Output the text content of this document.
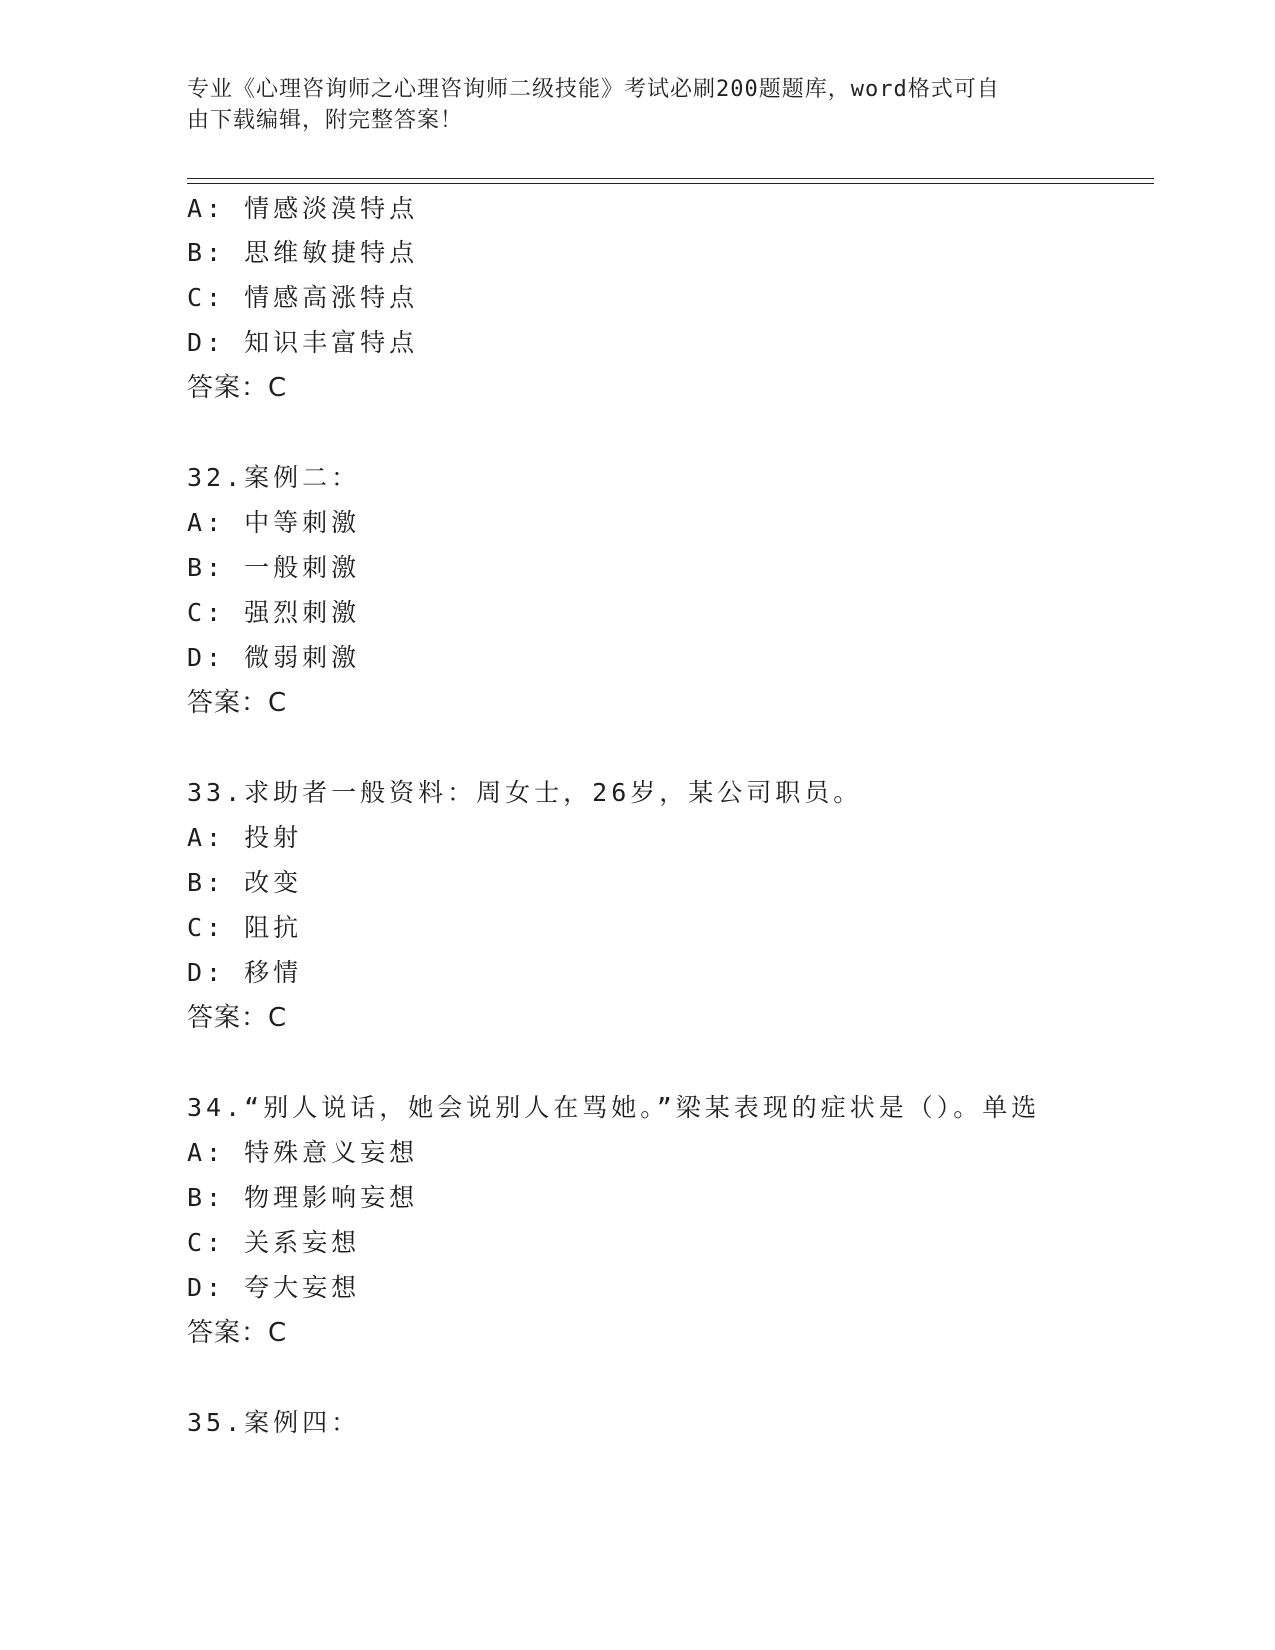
专业《心理咨询师之心理咨询师二级技能》考试必刷200题题库，word格式可自
由下载编辑，附完整答案！
A: 情感淡漠特点
B: 思维敏捷特点
C: 情感高涨特点
D: 知识丰富特点
答案：C
32.案例二：
A: 中等刺激
B: 一般刺激
C: 强烈刺激
D: 微弱刺激
答案：C
33.求助者一般资料：周女士，26岁，某公司职员。
A: 投射
B: 改变
C: 阻抗
D: 移情
答案：C
34.“别人说话，她会说别人在骂她。”梁某表现的症状是（）。单选
A: 特殊意义妄想
B: 物理影响妄想
C: 关系妄想
D: 夸大妄想
答案：C
35.案例四：
